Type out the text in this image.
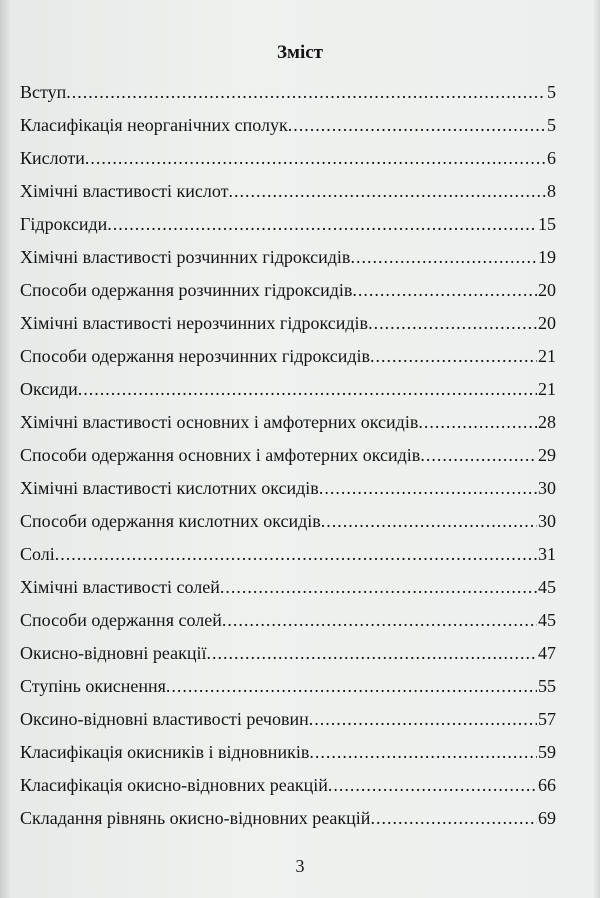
Зміст
Вступ .....	5
Класифікація неорганічних сполук .....	5
Кислоти .....	6
Хімічні властивості кислот .....	8
Гідроксиди .....	15
Хімічні властивості розчинних гідроксидів .....	19
Способи одержання розчинних гідроксидів .....	20
Хімічні властивості нерозчинних гідроксидів .....	20
Способи одержання нерозчинних гідроксидів .....	21
Оксиди .....	21
Хімічні властивості основних і амфотерних оксидів .....	28
Способи одержання основних і амфотерних оксидів .....	29
Хімічні властивості кислотних оксидів .....	30
Способи одержання кислотних оксидів .....	30
Солі .....	31
Хімічні властивості солей .....	45
Способи одержання солей .....	45
Окисно-відновні реакції .....	47
Ступінь окиснення .....	55
Оксино-відновні властивості речовин .....	57
Класифікація окисників і відновників .....	59
Класифікація окисно-відновних реакцій .....	66
Складання рівнянь окисно-відновних реакцій .....	69
3
